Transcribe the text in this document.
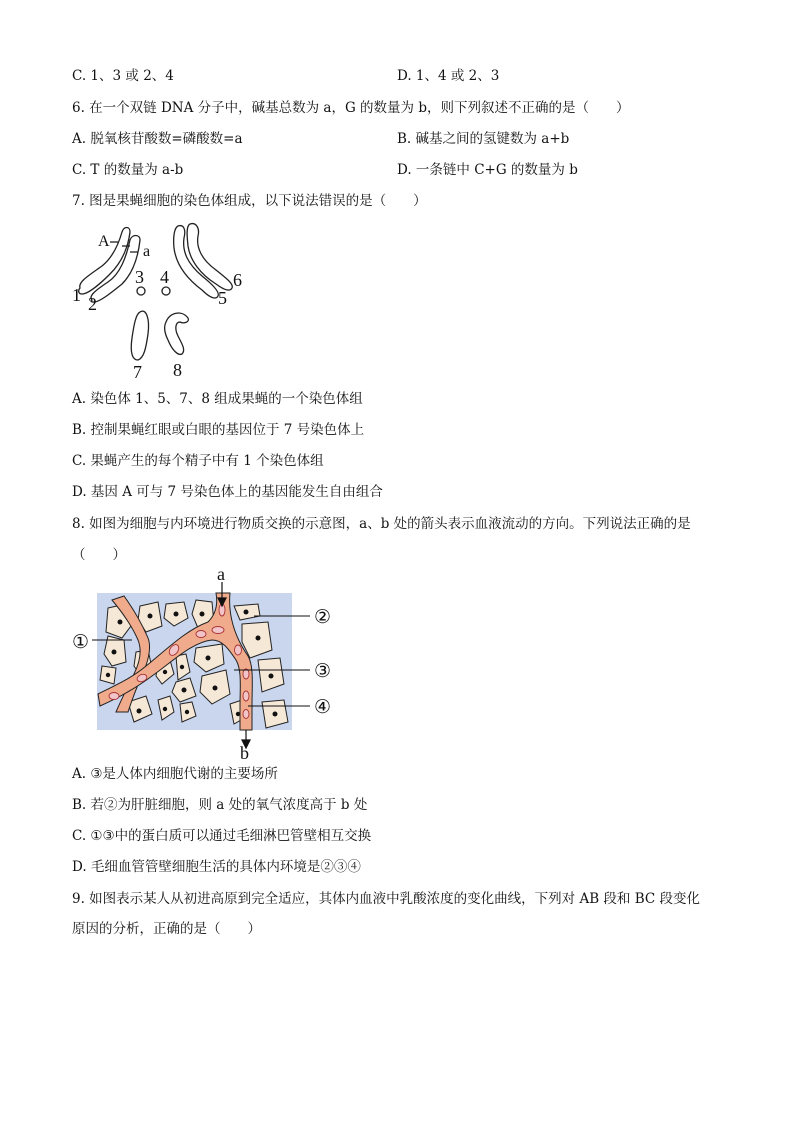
C. 1、3 或 2、4	D. 1、4 或 2、3
6. 在一个双链 DNA 分子中，碱基总数为 a，G 的数量为 b，则下列叙述不正确的是（　　）
A. 脱氧核苷酸数=磷酸数=a	B. 碱基之间的氢键数为 a+b
C. T 的数量为 a-b	D. 一条链中 C+G 的数量为 b
7. 图是果蝇细胞的染色体组成，以下说法错误的是（　　）
A
a
1 2
3 4
5
6
7 8
A. 染色体 1、5、7、8 组成果蝇的一个染色体组
B. 控制果蝇红眼或白眼的基因位于 7 号染色体上
C. 果蝇产生的每个精子中有 1 个染色体组
D. 基因 A 可与 7 号染色体上的基因能发生自由组合
8. 如图为细胞与内环境进行物质交换的示意图，a、b 处的箭头表示血液流动的方向。下列说法正确的是
（　　）
a
b
①
②
③
④
A. ③是人体内细胞代谢的主要场所
B. 若②为肝脏细胞，则 a 处的氧气浓度高于 b 处
C. ①③中的蛋白质可以通过毛细淋巴管壁相互交换
D. 毛细血管管壁细胞生活的具体内环境是②③④
9. 如图表示某人从初进高原到完全适应，其体内血液中乳酸浓度的变化曲线，下列对 AB 段和 BC 段变化
原因的分析，正确的是（　　）
